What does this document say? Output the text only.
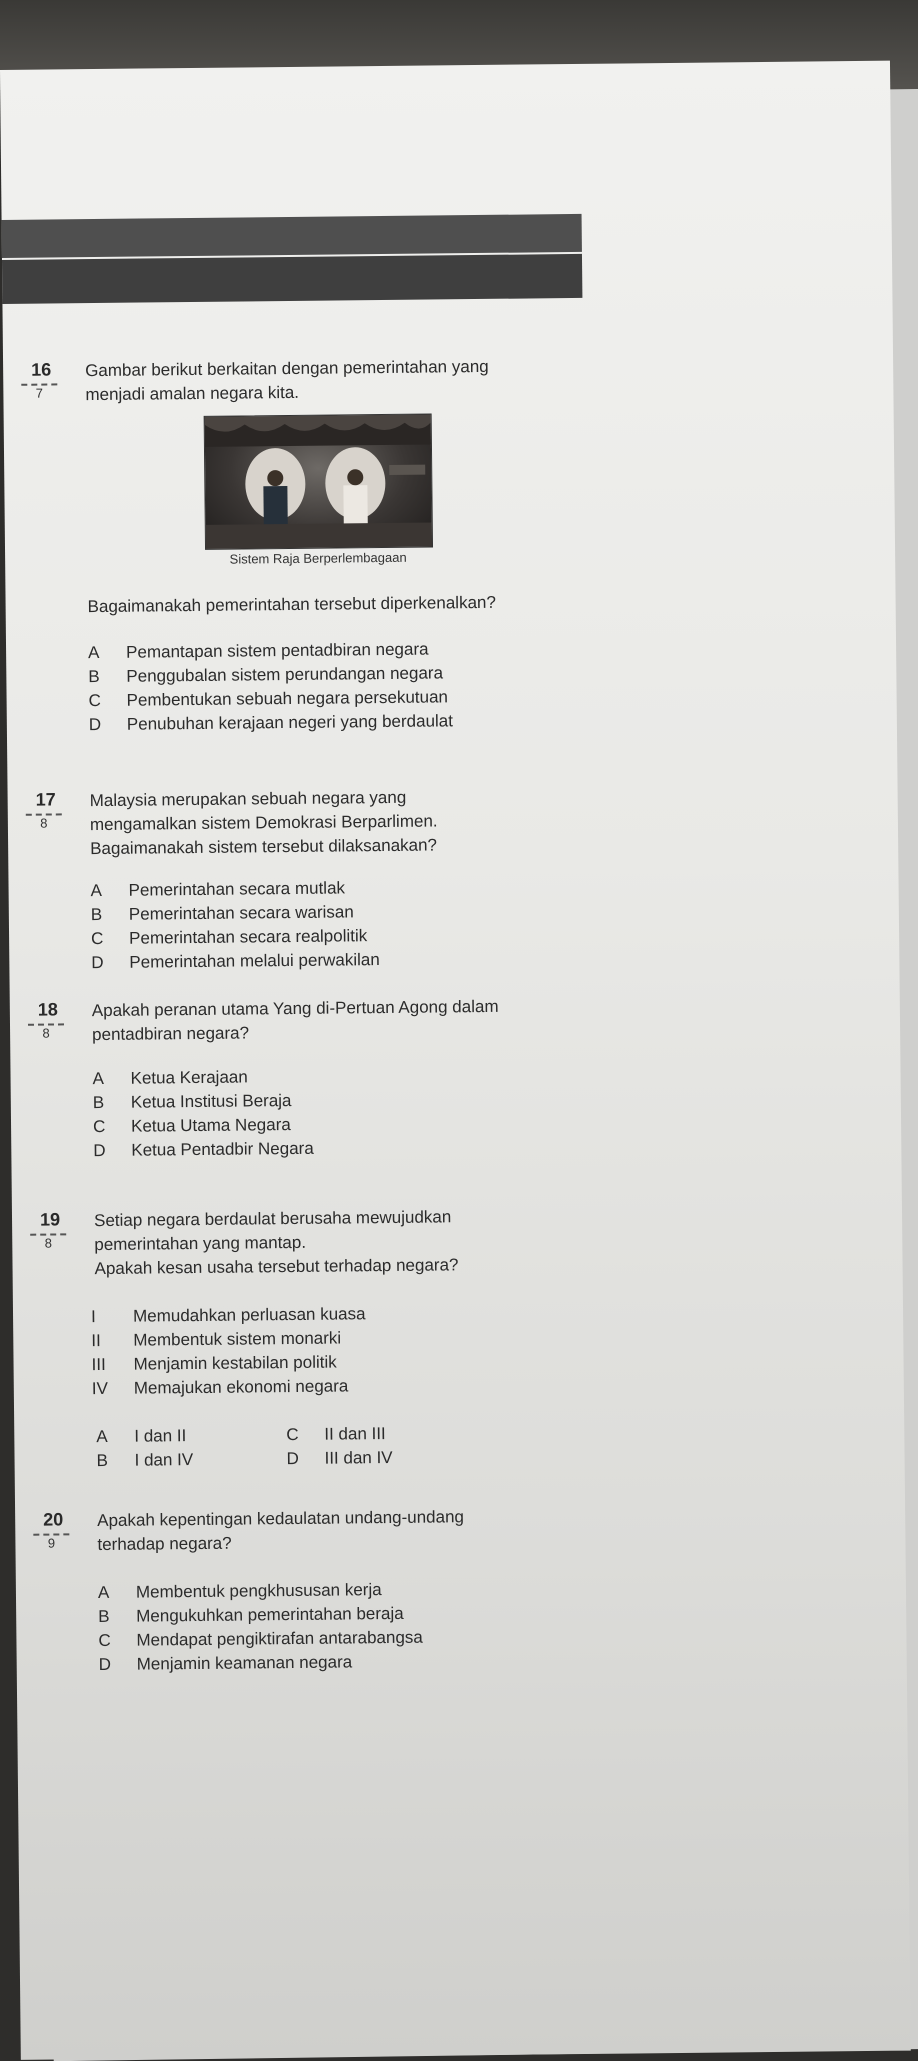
16
7
Gambar berikut berkaitan dengan pemerintahan yang
menjadi amalan negara kita.
Sistem Raja Berperlembagaan
Bagaimanakah pemerintahan tersebut diperkenalkan?
A	Pemantapan sistem pentadbiran negara
B	Penggubalan sistem perundangan negara
C	Pembentukan sebuah negara persekutuan
D	Penubuhan kerajaan negeri yang berdaulat
17
8
Malaysia merupakan sebuah negara yang
mengamalkan sistem Demokrasi Berparlimen.
Bagaimanakah sistem tersebut dilaksanakan?
A	Pemerintahan secara mutlak
B	Pemerintahan secara warisan
C	Pemerintahan secara realpolitik
D	Pemerintahan melalui perwakilan
18
8
Apakah peranan utama Yang di-Pertuan Agong dalam
pentadbiran negara?
A	Ketua Kerajaan
B	Ketua Institusi Beraja
C	Ketua Utama Negara
D	Ketua Pentadbir Negara
19
8
Setiap negara berdaulat berusaha mewujudkan
pemerintahan yang mantap.
Apakah kesan usaha tersebut terhadap negara?
I	Memudahkan perluasan kuasa
II	Membentuk sistem monarki
III	Menjamin kestabilan politik
IV	Memajukan ekonomi negara
A	I dan II	C	II dan III
B	I dan IV	D	III dan IV
20
9
Apakah kepentingan kedaulatan undang-undang
terhadap negara?
A	Membentuk pengkhususan kerja
B	Mengukuhkan pemerintahan beraja
C	Mendapat pengiktirafan antarabangsa
D	Menjamin keamanan negara
